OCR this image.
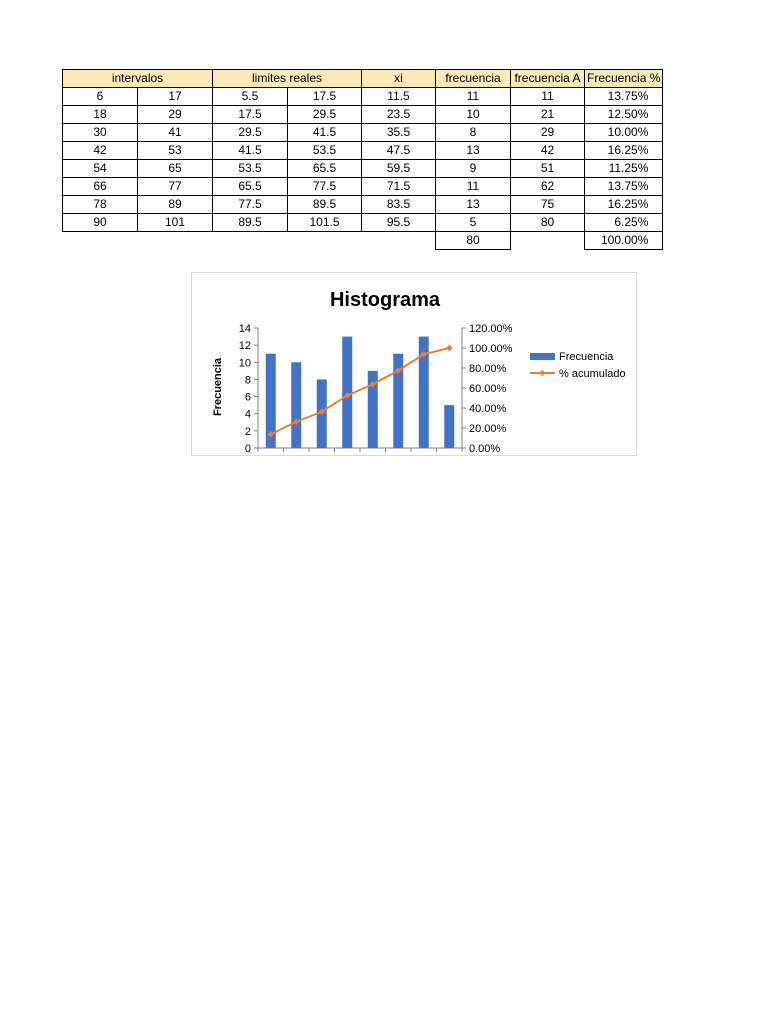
intervalos		limites reales		xi	frecuencia	frecuencia A	Frecuencia %
6	17	5.5	17.5	11.5	11	11	13.75%
18	29	17.5	29.5	23.5	10	21	12.50%
30	41	29.5	41.5	35.5	8	29	10.00%
42	53	41.5	53.5	47.5	13	42	16.25%
54	65	53.5	65.5	59.5	9	51	11.25%
66	77	65.5	77.5	71.5	11	62	13.75%
78	89	77.5	89.5	83.5	13	75	16.25%
90	101	89.5	101.5	95.5	5	80	6.25%
					80		100.00%
Histograma
Frecuencia
0
2
4
6
8
10
12
14
0.00%
20.00%
40.00%
60.00%
80.00%
100.00%
120.00%
Frecuencia
% acumulado
